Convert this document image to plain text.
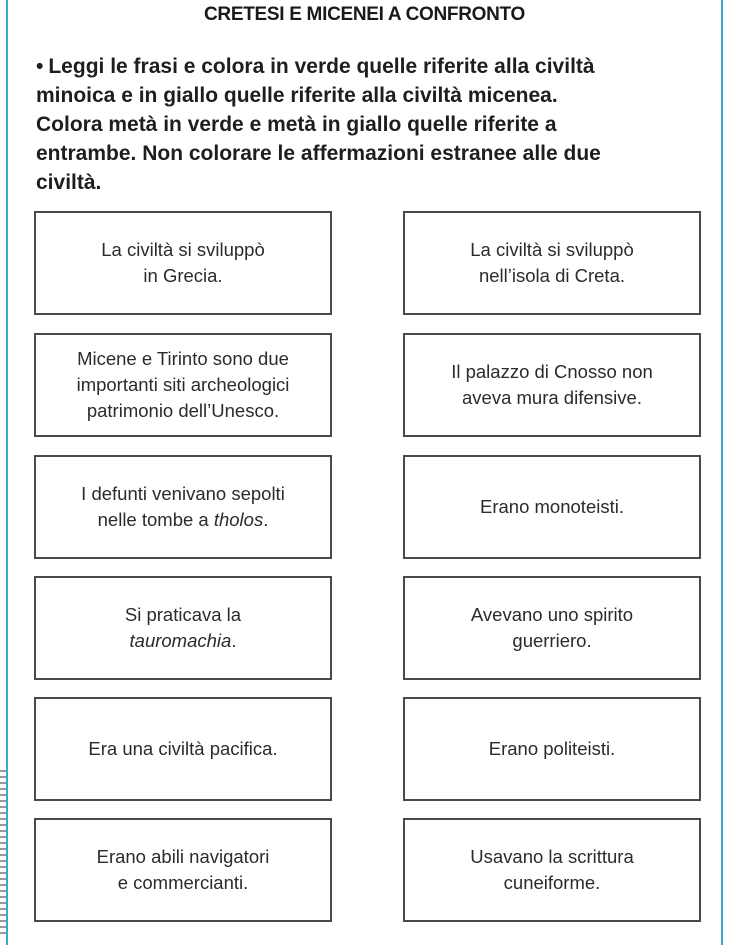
CRETESI E MICENEI A CONFRONTO
• Leggi le frasi e colora in verde quelle riferite alla civiltà
minoica e in giallo quelle riferite alla civiltà micenea.
Colora metà in verde e metà in giallo quelle riferite a
entrambe. Non colorare le affermazioni estranee alle due
civiltà.
La civiltà si sviluppò
in Grecia.
La civiltà si sviluppò
nell’isola di Creta.
Micene e Tirinto sono due
importanti siti archeologici
patrimonio dell’Unesco.
Il palazzo di Cnosso non
aveva mura difensive.
I defunti venivano sepolti
nelle tombe a tholos.
Erano monoteisti.
Si praticava la
tauromachia.
Avevano uno spirito
guerriero.
Era una civiltà pacifica.	Erano politeisti.
Erano abili navigatori
e commercianti.
Usavano la scrittura
cuneiforme.
